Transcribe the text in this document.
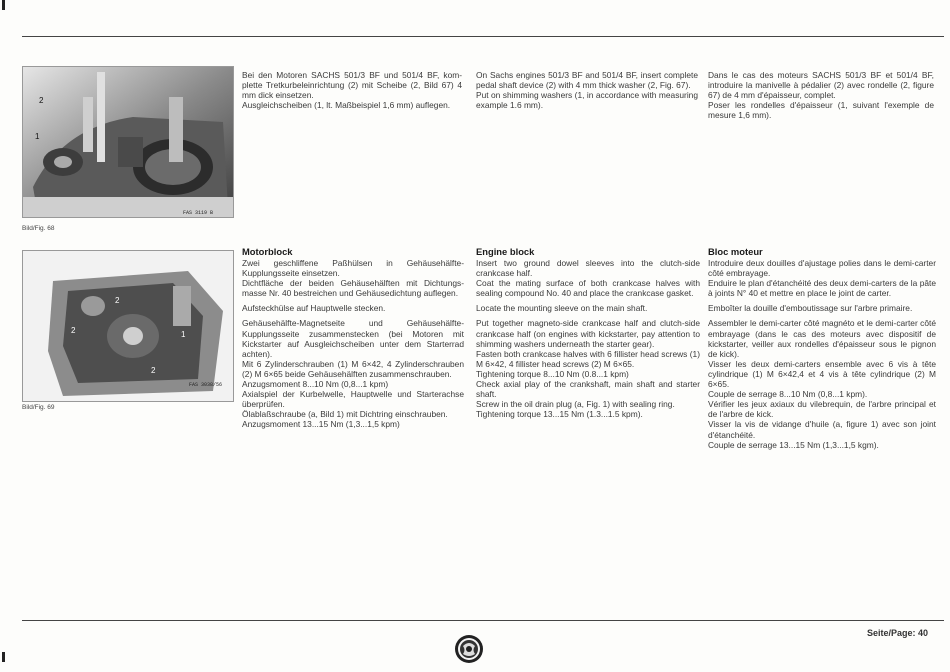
2
1
FAS 3119 B
Bild/Fig. 68
2
1
2
2
FAS 3038/56
Bild/Fig. 69

Bei den Motoren SACHS 501/3 BF und 501/4 BF, komplette Tretkurbeleinrichtung (2) mit Scheibe (2, Bild 67) 4 mm dick einsetzen.

Ausgleichscheiben (1, lt. Maßbeispiel 1,6 mm) auflegen.

On Sachs engines 501/3 BF and 501/4 BF, insert complete pedal shaft device (2) with 4 mm thick washer (2, Fig. 67).

Put on shimming washers (1, in accordance with measuring example 1.6 mm).

Dans le cas des moteurs SACHS 501/3 BF et 501/4 BF, introduire la manivelle à pédalier (2) avec rondelle (2, figure 67) de 4 mm d'épaisseur, complet.

Poser les rondelles d'épaisseur (1, suivant l'exemple de mesure 1,6 mm).

Motorblock	Engine block	Bloc moteur

Zwei geschliffene Paßhülsen in Gehäusehälfte-Kupplungsseite einsetzen.

Dichtfläche der beiden Gehäusehälften mit Dichtungsmasse Nr. 40 bestreichen und Gehäusedichtung auflegen.

Aufsteckhülse auf Hauptwelle stecken.

Gehäusehälfte-Magnetseite und Gehäusehälfte-Kupplungsseite zusammenstecken (bei Motoren mit Kickstarter auf Ausgleichscheiben unter dem Starterrad achten).

Mit 6 Zylinderschrauben (1) M 6×42, 4 Zylinderschrauben (2) M 6×65 beide Gehäusehälften zusammenschrauben.

Anzugsmoment 8...10 Nm (0,8...1 kpm)

Axialspiel der Kurbelwelle, Hauptwelle und Starterachse überprüfen.

Ölablаßschraube (a, Bild 1) mit Dichtring einschrauben.

Anzugsmoment 13...15 Nm (1,3...1,5 kpm)

Insert two ground dowel sleeves into the clutch-side crankcase half.

Coat the mating surface of both crankcase halves with sealing compound No. 40 and place the crankcase gasket.

Locate the mounting sleeve on the main shaft.

Put together magneto-side crankcase half and clutch-side crankcase half (on engines with kickstarter, pay attention to shimming washers underneath the starter gear).

Fasten both crankcase halves with 6 fillister head screws (1) M 6×42, 4 fillister head screws (2) M 6×65.

Tightening torque 8...10 Nm (0.8...1 kpm)

Check axial play of the crankshaft, main shaft and starter shaft.

Screw in the oil drain plug (a, Fig. 1) with sealing ring.

Tightening torque 13...15 Nm (1.3...1.5 kpm).

Introduire deux douilles d'ajustage polies dans le demi-carter côté embrayage.

Enduire le plan d'étanchéité des deux demi-carters de la pâte à joints N° 40 et mettre en place le joint de carter.

Emboîter la douille d'emboutissage sur l'arbre primaire.

Assembler le demi-carter côté magnéto et le demi-carter côté embrayage (dans le cas des moteurs avec dispositif de kickstarter, veiller aux rondelles d'épaisseur sous le pignon de kick).

Visser les deux demi-carters ensemble avec 6 vis à tête cylindrique (1) M 6×42,4 et 4 vis à tête cylindrique (2) M 6×65.

Couple de serrage 8...10 Nm (0,8...1 kpm).

Vérifier les jeux axiaux du vilebrequin, de l'arbre principal et de l'arbre de kick.

Visser la vis de vidange d'huile (a, figure 1) avec son joint d'étanchéité.

Couple de serrage 13...15 Nm (1,3...1,5 kgm).

Seite/Page: 40
